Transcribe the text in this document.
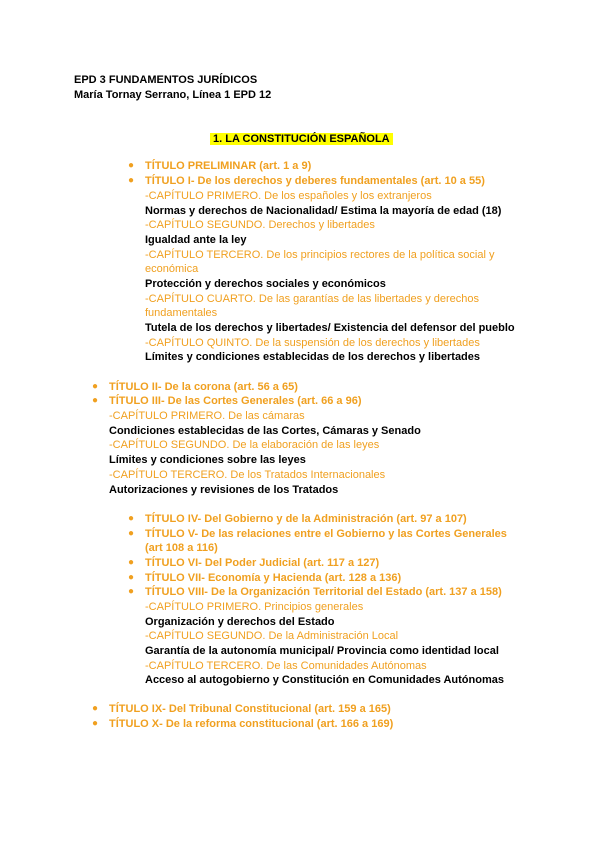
EPD 3 FUNDAMENTOS JURÍDICOS
María Tornay Serrano, Línea 1 EPD 12
1. LA CONSTITUCIÓN ESPAÑOLA
● TÍTULO PRELIMINAR (art. 1 a 9)
● TÍTULO I- De los derechos y deberes fundamentales (art. 10 a 55)
-CAPÍTULO PRIMERO. De los españoles y los extranjeros
Normas y derechos de Nacionalidad/ Estima la mayoría de edad (18)
-CAPÍTULO SEGUNDO. Derechos y libertades
Igualdad ante la ley
-CAPÍTULO TERCERO. De los principios rectores de la política social y
económica
Protección y derechos sociales y económicos
-CAPÍTULO CUARTO. De las garantías de las libertades y derechos
fundamentales
Tutela de los derechos y libertades/ Existencia del defensor del pueblo
-CAPÍTULO QUINTO. De la suspensión de los derechos y libertades
Límites y condiciones establecidas de los derechos y libertades
● TÍTULO II- De la corona (art. 56 a 65)
● TÍTULO III- De las Cortes Generales (art. 66 a 96)
-CAPÍTULO PRIMERO. De las cámaras
Condiciones establecidas de las Cortes, Cámaras y Senado
-CAPÍTULO SEGUNDO. De la elaboración de las leyes
Límites y condiciones sobre las leyes
-CAPÍTULO TERCERO. De los Tratados Internacionales
Autorizaciones y revisiones de los Tratados
● TÍTULO IV- Del Gobierno y de la Administración (art. 97 a 107)
● TÍTULO V- De las relaciones entre el Gobierno y las Cortes Generales
(art 108 a 116)
● TÍTULO VI- Del Poder Judicial (art. 117 a 127)
● TÍTULO VII- Economía y Hacienda (art. 128 a 136)
● TÍTULO VIII- De la Organización Territorial del Estado (art. 137 a 158)
-CAPÍTULO PRIMERO. Principios generales
Organización y derechos del Estado
-CAPÍTULO SEGUNDO. De la Administración Local
Garantía de la autonomía municipal/ Provincia como identidad local
-CAPÍTULO TERCERO. De las Comunidades Autónomas
Acceso al autogobierno y Constitución en Comunidades Autónomas
● TÍTULO IX- Del Tribunal Constitucional (art. 159 a 165)
● TÍTULO X- De la reforma constitucional (art. 166 a 169)
